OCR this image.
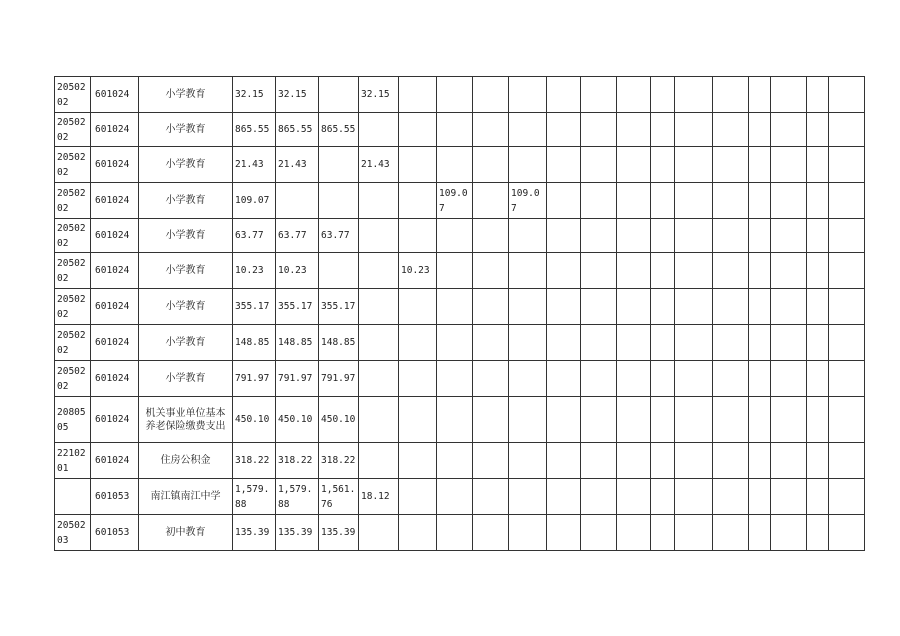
2050202	601024	小学教育	32.15	32.15		32.15														

2050202	601024	小学教育	865.55	865.55	865.55															

2050202	601024	小学教育	21.43	21.43		21.43														

2050202	601024	小学教育	109.07					109.07		109.07										

2050202	601024	小学教育	63.77	63.77	63.77															

2050202	601024	小学教育	10.23	10.23			10.23													

2050202	601024	小学教育	355.17	355.17	355.17															

2050202	601024	小学教育	148.85	148.85	148.85															

2050202	601024	小学教育	791.97	791.97	791.97															

2080505	601024	机关事业单位基本养老保险缴费支出	450.10	450.10	450.10															

2210201	601024	住房公积金	318.22	318.22	318.22															

	601053	南江镇南江中学	1,579.88	1,579.88	1,561.76	18.12														

2050203	601053	初中教育	135.39	135.39	135.39															
